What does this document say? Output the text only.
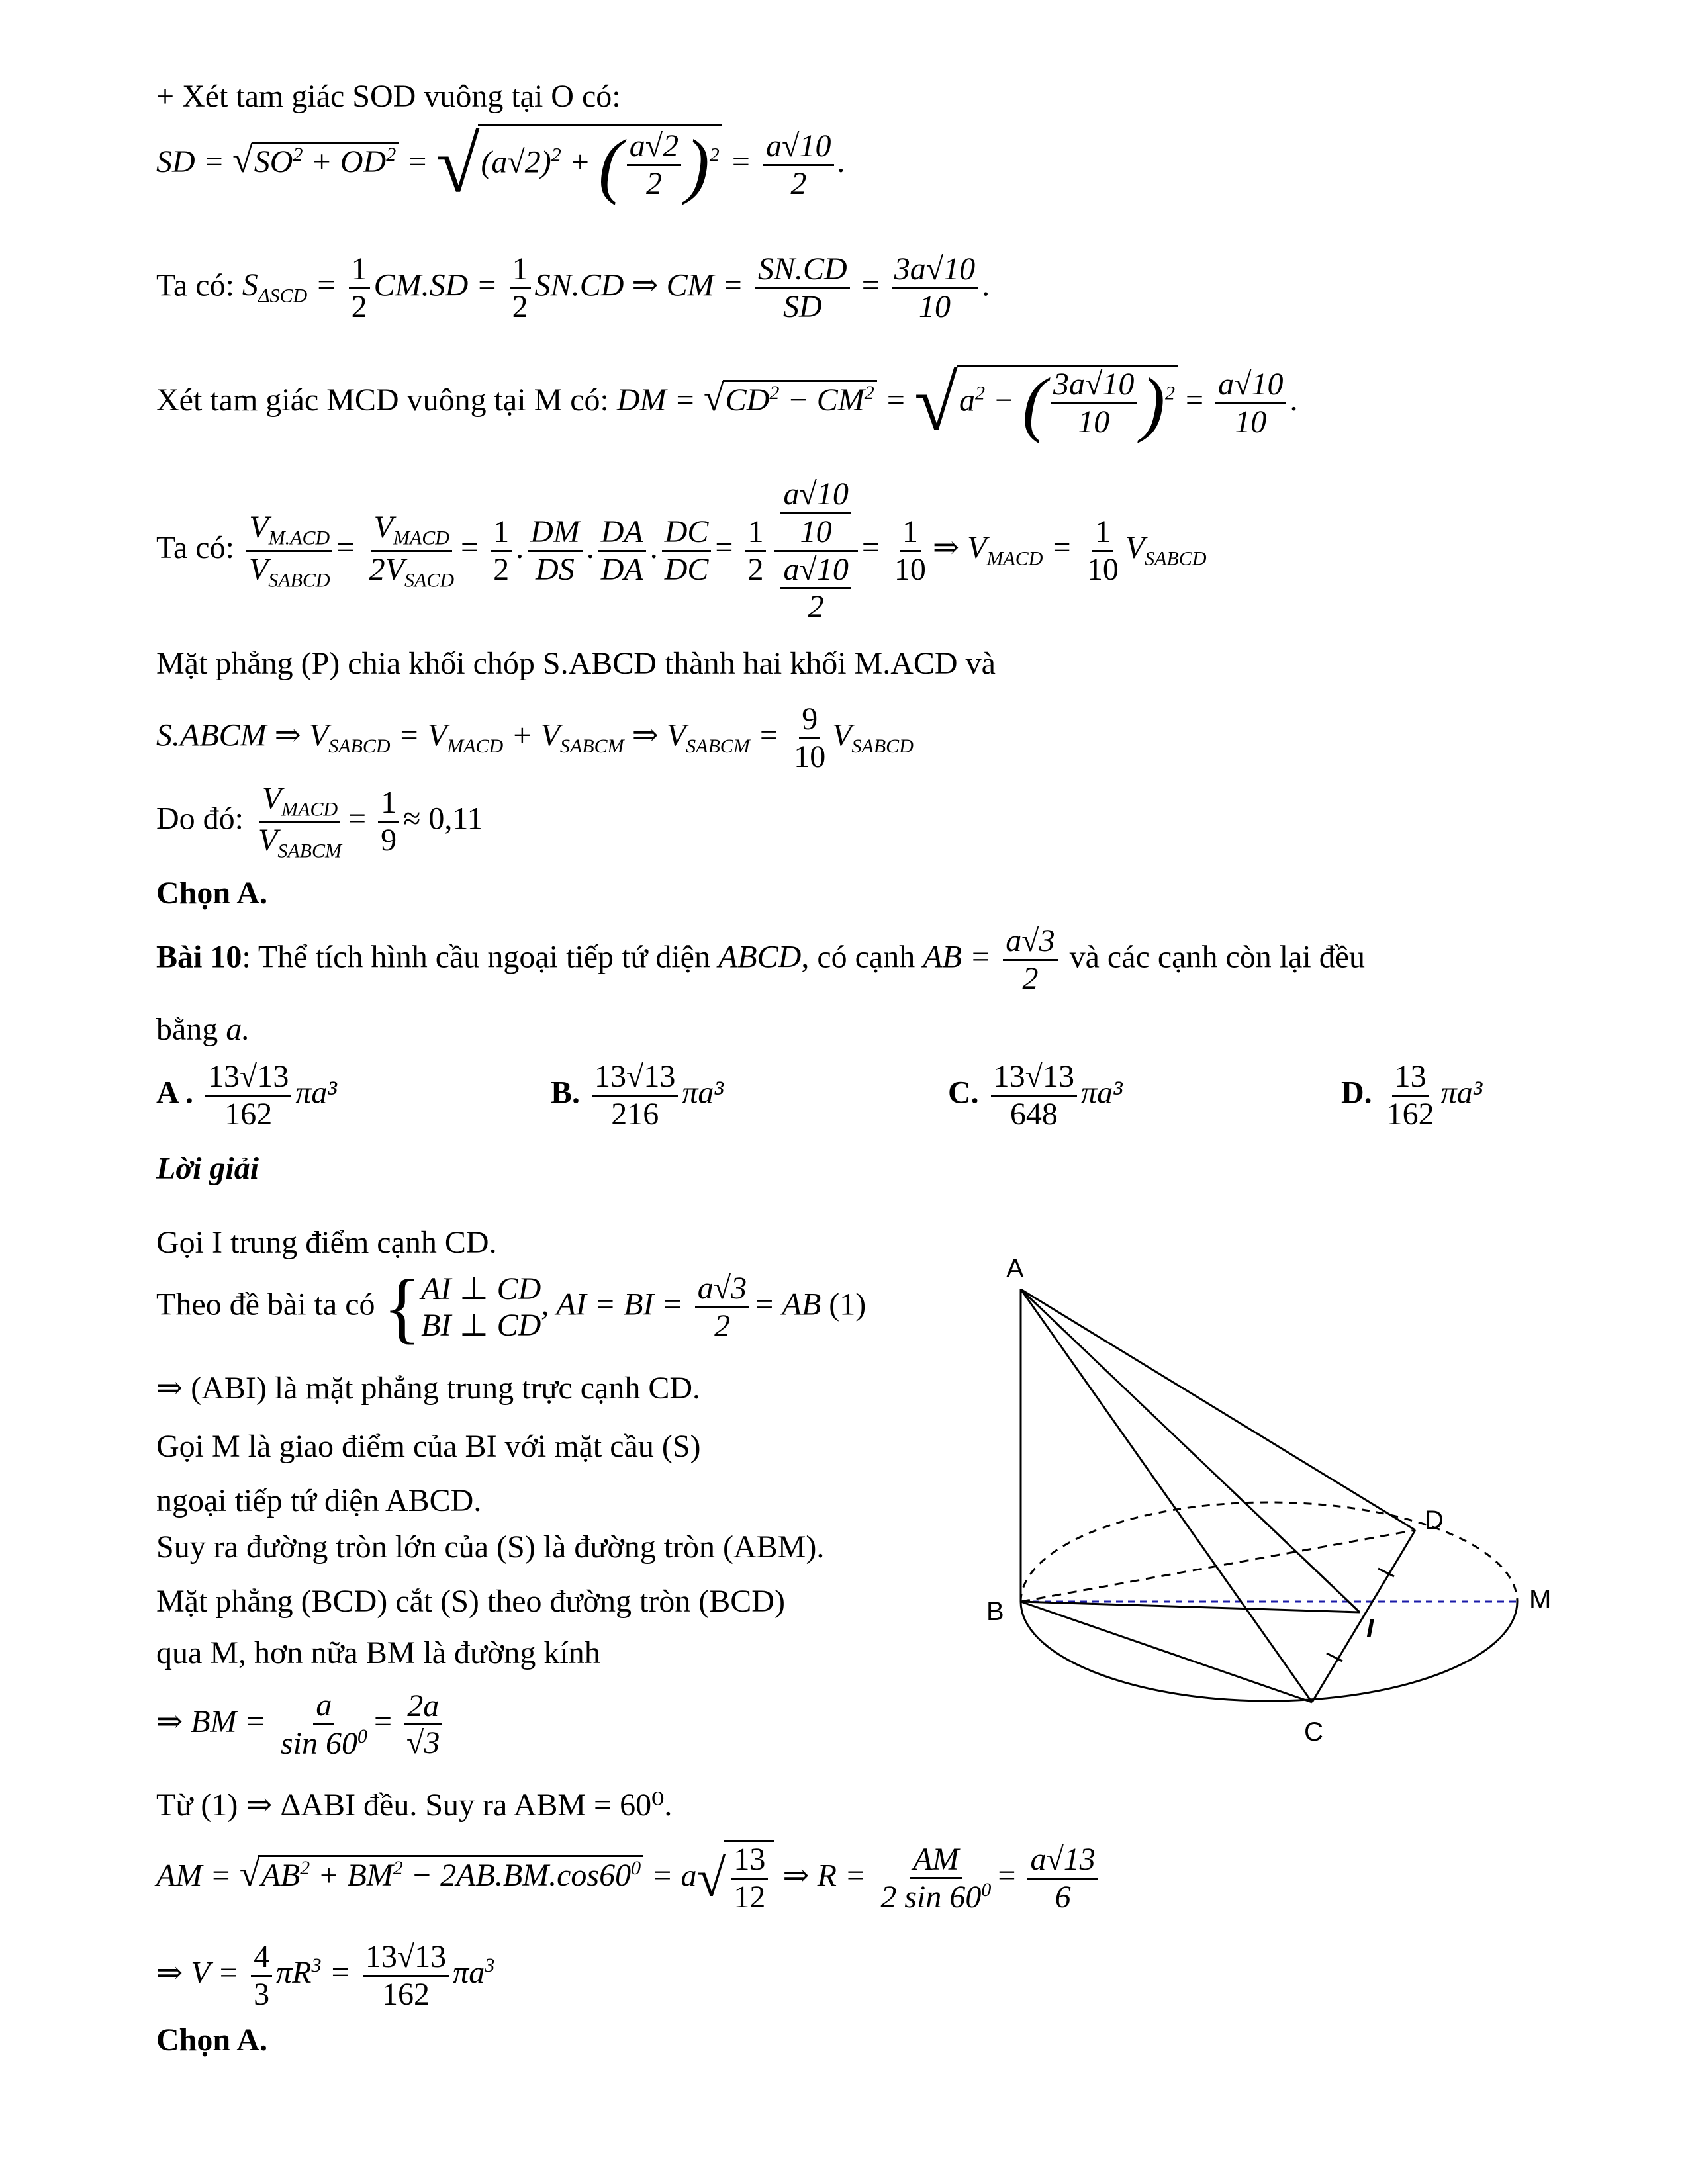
+ Xét tam giác SOD vuông tại O có:
SD = $√SO^2 + OD^2 = √(a√2)^2$ + ( $\frac{a√2}{2} )^2 = \frac{a√10}{2}$ .
Ta có: $S_{\Delta SCD} = \frac{1}{2} CM.SD = \frac{1}{2} SN.CD$ ⇒ CM = $\frac{SN.CD}{SD} = \frac{3a√10}{10}$ .
Xét tam giác MCD vuông tại M có: DM = $√CD^2 - CM^2 = √a^2$ − ( $\frac{3a√10}{10} )^2 = \frac{a√10}{10}$ .
Ta có:
$V_{M.ACD}$
$V_{SABCD}$
=
$V_{MACD}$
$2V_{SACD}$
= $\frac{1}{2}$ . $\frac{DM}{DS}$ . $\frac{DA}{DA}$ . $\frac{DC}{DC} = \frac{1}{2} \frac{\frac{a√10}{10}}{\frac{a√10}{2}} = \frac{1}{10}$ ⇒ $V_{MACD} = \frac{1}{10} V_{SABCD}$
Mặt phẳng (P) chia khối chóp S.ABCD thành hai khối M.ACD và
S.ABCM ⇒ $V_{SABCD} = V_{MACD} + V_{SABCM}$ ⇒ $V_{SABCM} = \frac{9}{10} V_{SABCD}$
Do đó:
$V_{MACD}$
$V_{SABCM}$
= $\frac{1}{9} \approx 0,11$
Chọn A.
Bài 10: Thể tích hình cầu ngoại tiếp tứ diện ABCD, có cạnh AB = $\frac{a√3}{2}$ và các cạnh còn lại đều
bằng a.
A . $\frac{13√13}{162} \pi a^3$	B. $\frac{13√13}{216} \pi a^3$	C. $\frac{13√13}{648} \pi a^3$	D. $\frac{13}{162} \pi a^3$
Lời giải
Gọi I trung điểm cạnh CD.
Theo đề bài ta có { AI ⊥ CD
BI ⊥ CD
, AI = BI = $\frac{a√3}{2}$ = AB (1)
⇒ (ABI) là mặt phẳng trung trực cạnh CD.
Gọi M là giao điểm của BI với mặt cầu (S)
ngoại tiếp tứ diện ABCD.
Suy ra đường tròn lớn của (S) là đường tròn (ABM).
Mặt phẳng (BCD) cắt (S) theo đường tròn (BCD)
qua M, hơn nữa BM là đường kính
⇒ BM = $\frac{a}{\sin 60^0} = \frac{2a}{√3}$
Từ (1) ⇒ ΔABI đều. Suy ra ABM = 60⁰.
AM = $√AB^2 + BM^2 - 2AB.BM.\cos 60^0 = a√ \frac{13}{12}$ ⇒ $R = \frac{AM}{2 \sin 60^0} = \frac{a√13}{6}$
⇒ $V = \frac{4}{3} \pi R^3 = \frac{13√13}{162} \pi a^3$
Chọn A.
A
B
C
D
I
M
